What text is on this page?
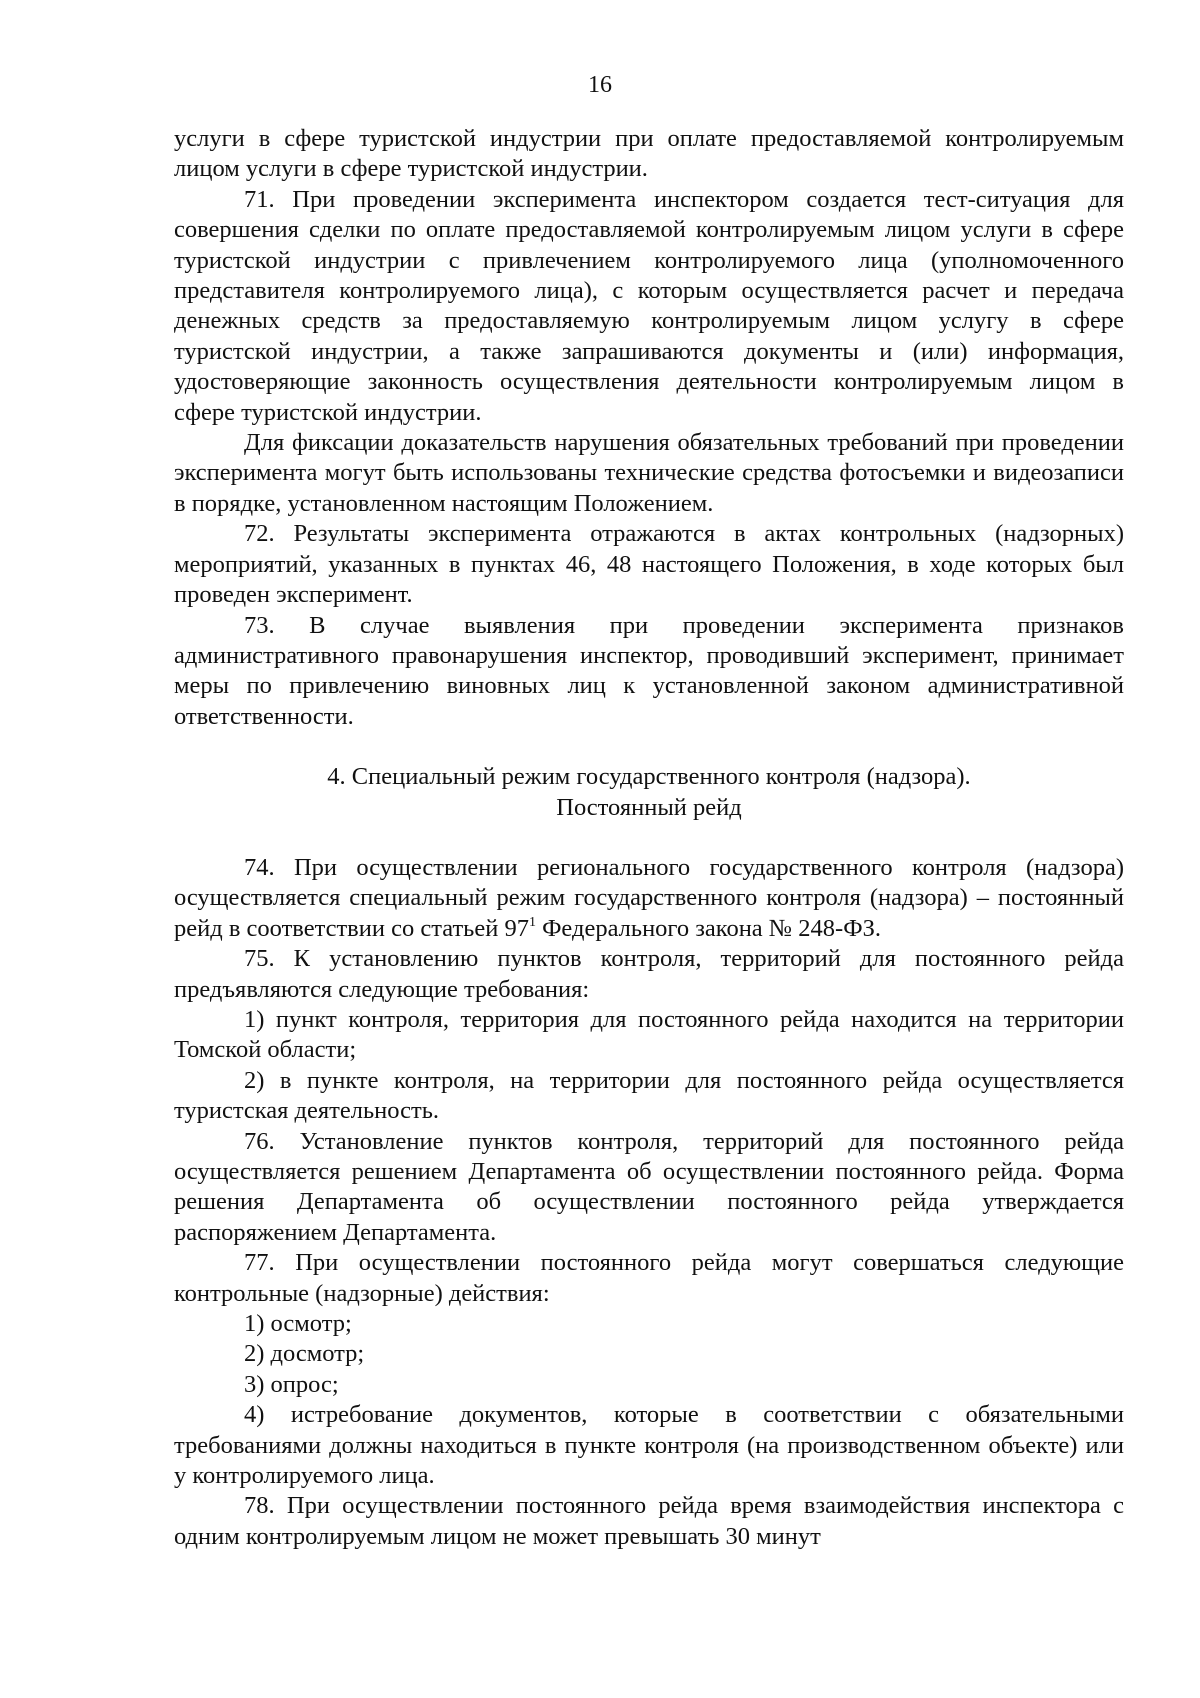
16

услуги в сфере туристской индустрии при оплате предоставляемой контролируемым лицом услуги в сфере туристской индустрии.

71. При проведении эксперимента инспектором создается тест-ситуация для совершения сделки по оплате предоставляемой контролируемым лицом услуги в сфере туристской индустрии с привлечением контролируемого лица (уполномоченного представителя контролируемого лица), с которым осуществляется расчет и передача денежных средств за предоставляемую контролируемым лицом услугу в сфере туристской индустрии, а также запрашиваются документы и (или) информация, удостоверяющие законность осуществления деятельности контролируемым лицом в сфере туристской индустрии.

Для фиксации доказательств нарушения обязательных требований при проведении эксперимента могут быть использованы технические средства фотосъемки и видеозаписи в порядке, установленном настоящим Положением.

72. Результаты эксперимента отражаются в актах контрольных (надзорных) мероприятий, указанных в пунктах 46, 48 настоящего Положения, в ходе которых был проведен эксперимент.

73. В случае выявления при проведении эксперимента признаков административного правонарушения инспектор, проводивший эксперимент, принимает меры по привлечению виновных лиц к установленной законом административной ответственности.

4. Специальный режим государственного контроля (надзора).

Постоянный рейд

74. При осуществлении регионального государственного контроля (надзора) осуществляется специальный режим государственного контроля (надзора) – постоянный рейд в соответствии со статьей $97^1$ Федерального закона № 248-ФЗ.

75. К установлению пунктов контроля, территорий для постоянного рейда предъявляются следующие требования:

1) пункт контроля, территория для постоянного рейда находится на территории Томской области;

2) в пункте контроля, на территории для постоянного рейда осуществляется туристская деятельность.

76. Установление пунктов контроля, территорий для постоянного рейда осуществляется решением Департамента об осуществлении постоянного рейда. Форма решения Департамента об осуществлении постоянного рейда утверждается распоряжением Департамента.

77. При осуществлении постоянного рейда могут совершаться следующие контрольные (надзорные) действия:

1) осмотр;

2) досмотр;

3) опрос;

4) истребование документов, которые в соответствии с обязательными требованиями должны находиться в пункте контроля (на производственном объекте) или у контролируемого лица.

78. При осуществлении постоянного рейда время взаимодействия инспектора с одним контролируемым лицом не может превышать 30 минут
